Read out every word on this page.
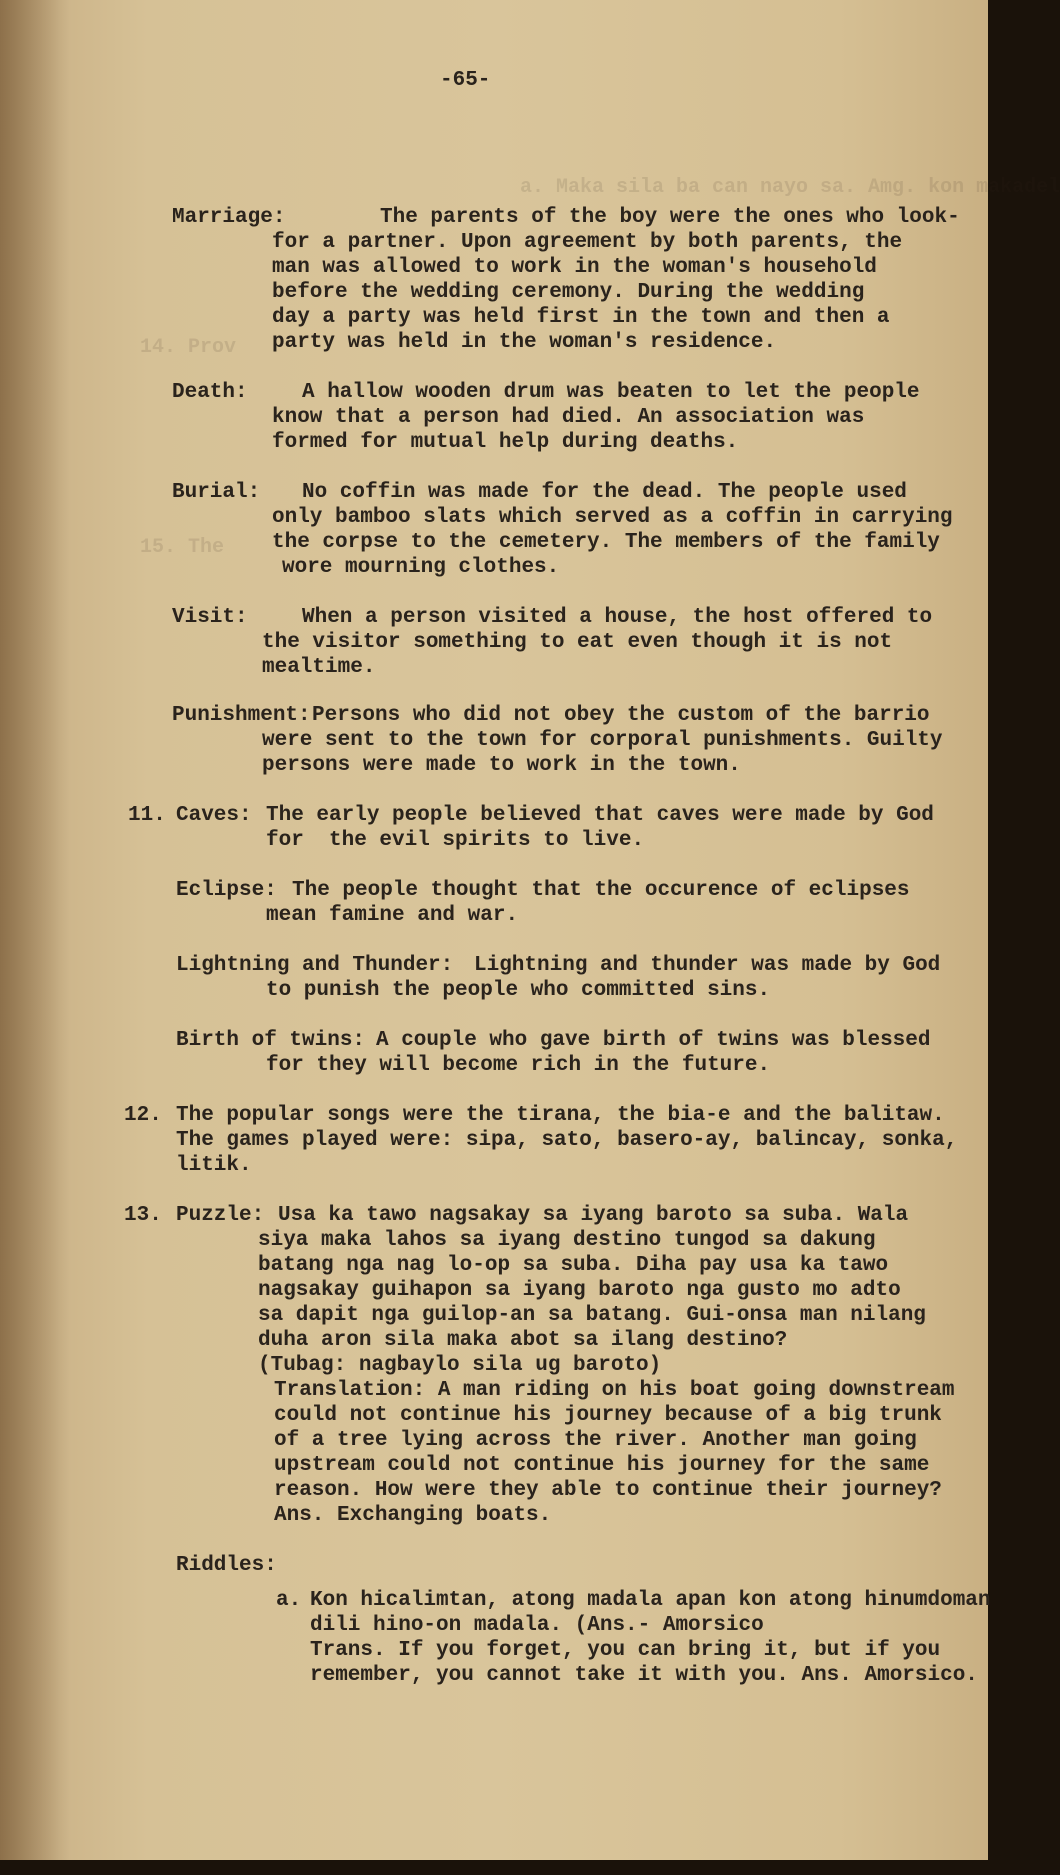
a. Maka sila ba can nayo sa. Amg. kon makadel
14. Prov
15. The
-65-
Marriage:	The parents of the boy were the ones who look-
for a partner. Upon agreement by both parents, the
man was allowed to work in the woman's household
before the wedding ceremony. During the wedding
day a party was held first in the town and then a
party was held in the woman's residence.
Death:	A hallow wooden drum was beaten to let the people
know that a person had died. An association was
formed for mutual help during deaths.
Burial: No coffin was made for the dead. The people used
only bamboo slats which served as a coffin in carrying
the corpse to the cemetery. The members of the family
wore mourning clothes.
Visit:	When a person visited a house, the host offered to
the visitor something to eat even though it is not
mealtime.
Punishment: Persons who did not obey the custom of the barrio
were sent to the town for corporal punishments. Guilty
persons were made to work in the town.
11. Caves: The early people believed that caves were made by God
for  the evil spirits to live.
Eclipse: The people thought that the occurence of eclipses
mean famine and war.
Lightning and Thunder: Lightning and thunder was made by God
to punish the people who committed sins.
Birth of twins: A couple who gave birth of twins was blessed
for they will become rich in the future.
12. The popular songs were the tirana, the bia-e and the balitaw.
The games played were: sipa, sato, basero-ay, balincay, sonka,
litik.
13. Puzzle: Usa ka tawo nagsakay sa iyang baroto sa suba. Wala
siya maka lahos sa iyang destino tungod sa dakung
batang nga nag lo-op sa suba. Diha pay usa ka tawo
nagsakay guihapon sa iyang baroto nga gusto mo adto
sa dapit nga guilop-an sa batang. Gui-onsa man nilang
duha aron sila maka abot sa ilang destino?
(Tubag: nagbaylo sila ug baroto)
Translation: A man riding on his boat going downstream
could not continue his journey because of a big trunk
of a tree lying across the river. Another man going
upstream could not continue his journey for the same
reason. How were they able to continue their journey?
Ans. Exchanging boats.
Riddles:
a. Kon hicalimtan, atong madala apan kon atong hinumdoman
dili hino-on madala. (Ans.- Amorsico
Trans. If you forget, you can bring it, but if you
remember, you cannot take it with you. Ans. Amorsico.
